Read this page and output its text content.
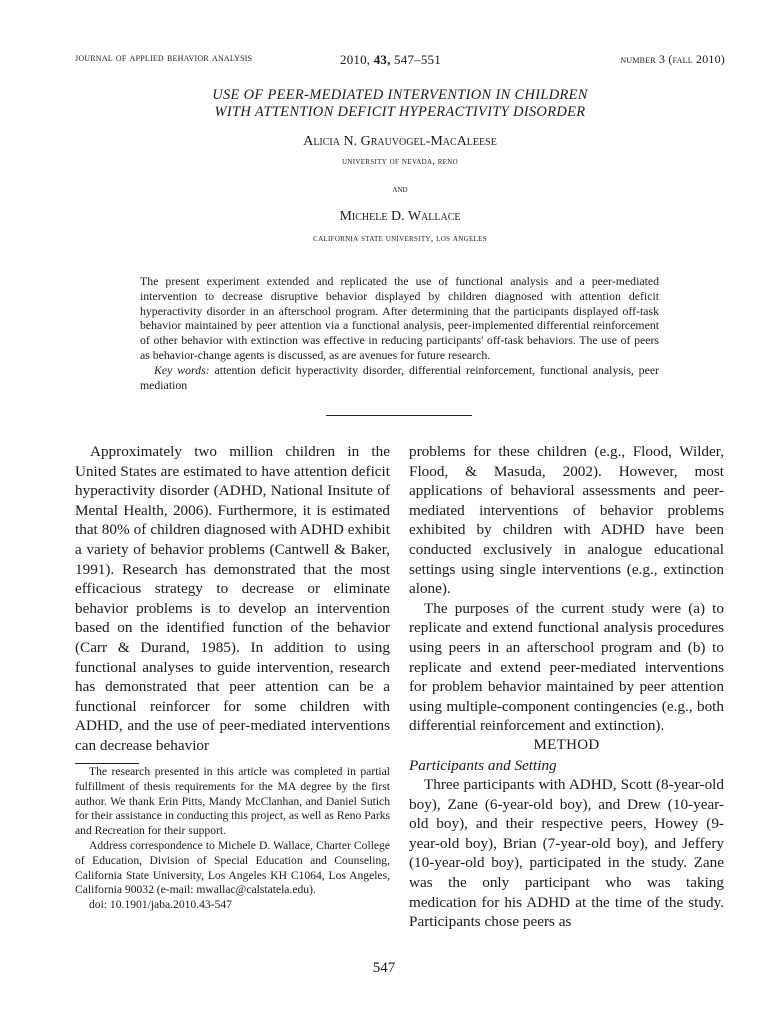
journal of applied behavior analysis	2010, 43, 547–551	number 3 (fall 2010)
USE OF PEER-MEDIATED INTERVENTION IN CHILDREN
WITH ATTENTION DEFICIT HYPERACTIVITY DISORDER

Alicia N. Grauvogel-MacAleese

university of nevada, reno

and

Michele D. Wallace

california state university, los angeles

The present experiment extended and replicated the use of functional analysis and a peer-mediated intervention to decrease disruptive behavior displayed by children diagnosed with attention deficit hyperactivity disorder in an afterschool program. After determining that the participants displayed off-task behavior maintained by peer attention via a functional analysis, peer-implemented differential reinforcement of other behavior with extinction was effective in reducing participants' off-task behaviors. The use of peers as behavior-change agents is discussed, as are avenues for future research.

Key words: attention deficit hyperactivity disorder, differential reinforcement, functional analysis, peer mediation

Approximately two million children in the United States are estimated to have attention deficit hyperactivity disorder (ADHD, National Insitute of Mental Health, 2006). Furthermore, it is estimated that 80% of children diagnosed with ADHD exhibit a variety of behavior problems (Cantwell & Baker, 1991). Research has demonstrated that the most efficacious strategy to decrease or eliminate behavior problems is to develop an intervention based on the identified function of the behavior (Carr & Durand, 1985). In addition to using functional analyses to guide intervention, research has demonstrated that peer attention can be a functional reinforcer for some children with ADHD, and the use of peer-mediated interventions can decrease behavior

problems for these children (e.g., Flood, Wilder, Flood, & Masuda, 2002). However, most applications of behavioral assessments and peer-mediated interventions of behavior problems exhibited by children with ADHD have been conducted exclusively in analogue educational settings using single interventions (e.g., extinction alone).

The purposes of the current study were (a) to replicate and extend functional analysis procedures using peers in an afterschool program and (b) to replicate and extend peer-mediated interventions for problem behavior maintained by peer attention using multiple-component contingencies (e.g., both differential reinforcement and extinction).

METHOD

Participants and Setting

Three participants with ADHD, Scott (8-year-old boy), Zane (6-year-old boy), and Drew (10-year-old boy), and their respective peers, Howey (9-year-old boy), Brian (7-year-old boy), and Jeffery (10-year-old boy), participated in the study. Zane was the only participant who was taking medication for his ADHD at the time of the study. Participants chose peers as

The research presented in this article was completed in partial fulfillment of thesis requirements for the MA degree by the first author. We thank Erin Pitts, Mandy McClanhan, and Daniel Sutich for their assistance in conducting this project, as well as Reno Parks and Recreation for their support.

Address correspondence to Michele D. Wallace, Charter College of Education, Division of Special Education and Counseling, California State University, Los Angeles KH C1064, Los Angeles, California 90032 (e-mail: mwallac@calstatela.edu).

doi: 10.1901/jaba.2010.43-547

547
